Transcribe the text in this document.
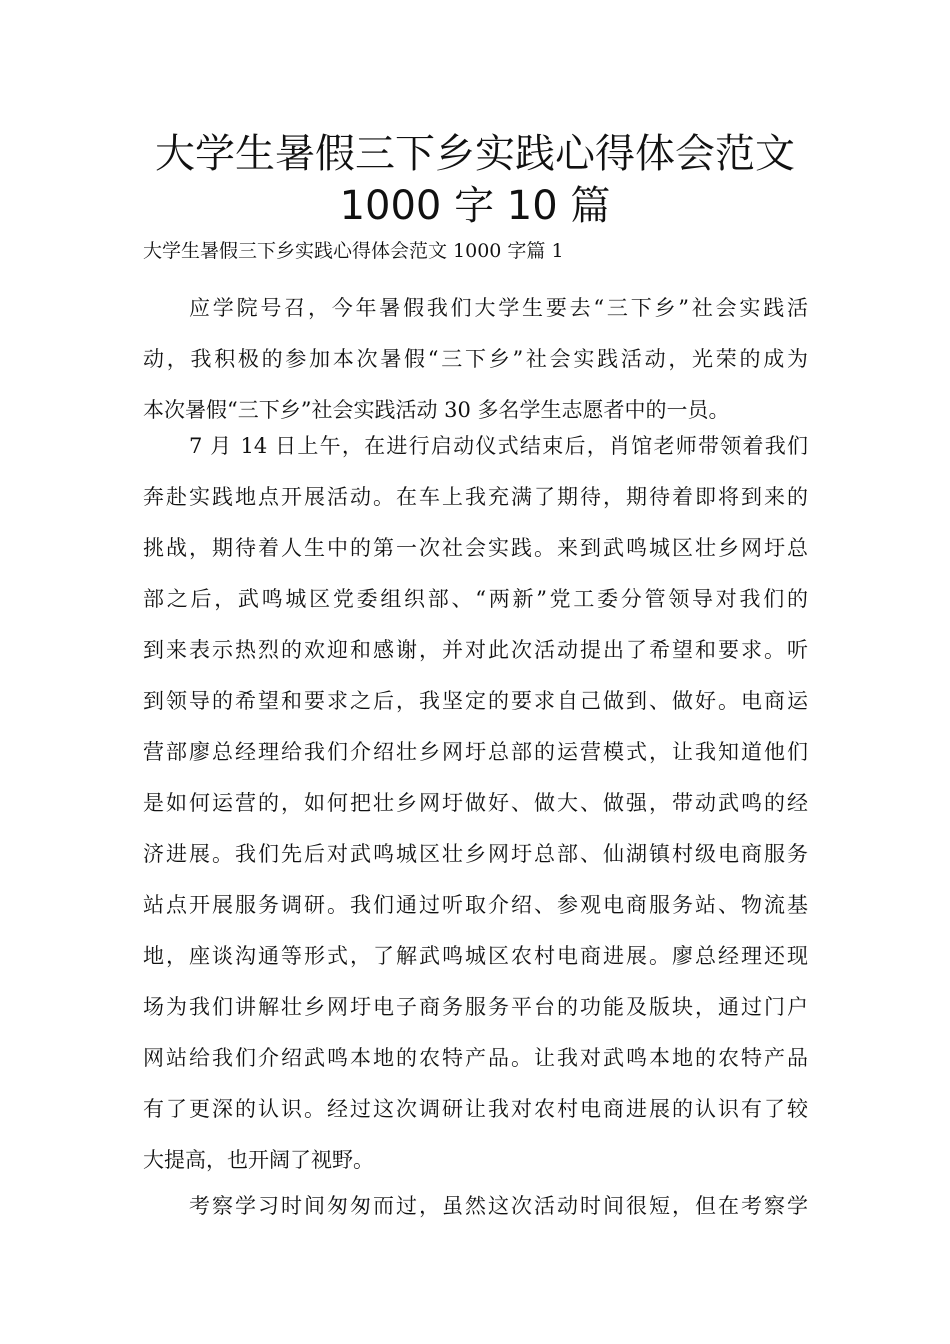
大学生暑假三下乡实践心得体会范文
1000 字 10 篇

大学生暑假三下乡实践心得体会范文 1000 字篇 1

应学院号召，今年暑假我们大学生要去“三下乡”社会实践活
动，我积极的参加本次暑假“三下乡”社会实践活动，光荣的成为
本次暑假“三下乡”社会实践活动 30 多名学生志愿者中的一员。
7 月 14 日上午，在进行启动仪式结束后，肖馆老师带领着我们
奔赴实践地点开展活动。在车上我充满了期待，期待着即将到来的
挑战，期待着人生中的第一次社会实践。来到武鸣城区壮乡网圩总
部之后，武鸣城区党委组织部、“两新”党工委分管领导对我们的
到来表示热烈的欢迎和感谢，并对此次活动提出了希望和要求。听
到领导的希望和要求之后，我坚定的要求自己做到、做好。电商运
营部廖总经理给我们介绍壮乡网圩总部的运营模式，让我知道他们
是如何运营的，如何把壮乡网圩做好、做大、做强，带动武鸣的经
济进展。我们先后对武鸣城区壮乡网圩总部、仙湖镇村级电商服务
站点开展服务调研。我们通过听取介绍、参观电商服务站、物流基
地，座谈沟通等形式，了解武鸣城区农村电商进展。廖总经理还现
场为我们讲解壮乡网圩电子商务服务平台的功能及版块，通过门户
网站给我们介绍武鸣本地的农特产品。让我对武鸣本地的农特产品
有了更深的认识。经过这次调研让我对农村电商进展的认识有了较
大提高，也开阔了视野。
考察学习时间匆匆而过，虽然这次活动时间很短，但在考察学
